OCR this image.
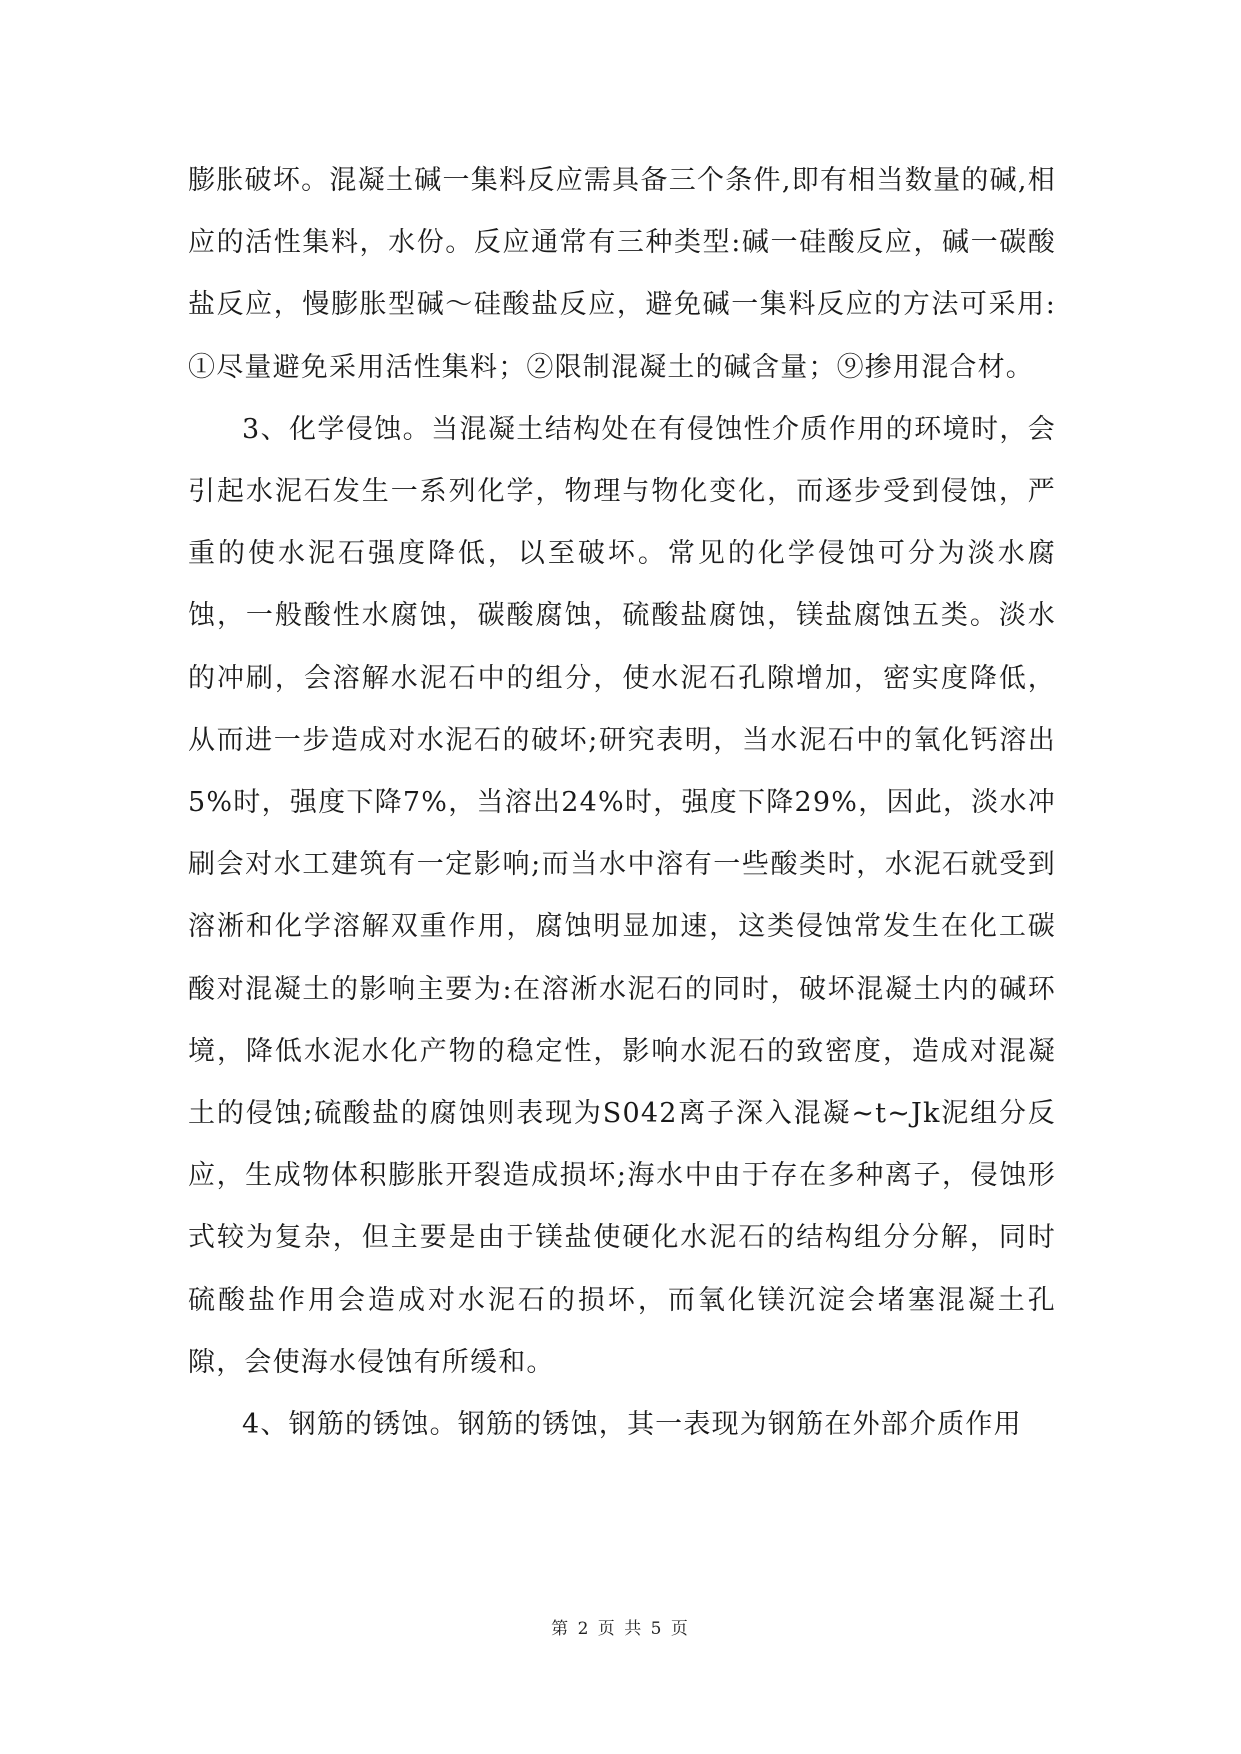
膨胀破坏。混凝土碱一集料反应需具备三个条件,即有相当数量的碱,相应的活性集料，水份。反应通常有三种类型:碱一硅酸反应，碱一碳酸盐反应，慢膨胀型碱～硅酸盐反应，避免碱一集料反应的方法可采用:①尽量避免采用活性集料；②限制混凝土的碱含量；⑨掺用混合材。

3、化学侵蚀。当混凝土结构处在有侵蚀性介质作用的环境时，会引起水泥石发生一系列化学，物理与物化变化，而逐步受到侵蚀，严重的使水泥石强度降低，以至破坏。常见的化学侵蚀可分为淡水腐蚀，一般酸性水腐蚀，碳酸腐蚀，硫酸盐腐蚀，镁盐腐蚀五类。淡水的冲刷，会溶解水泥石中的组分，使水泥石孔隙增加，密实度降低，从而进一步造成对水泥石的破坏;研究表明，当水泥石中的氧化钙溶出5%时，强度下降7%，当溶出24%时，强度下降29%，因此，淡水冲刷会对水工建筑有一定影响;而当水中溶有一些酸类时，水泥石就受到溶淅和化学溶解双重作用，腐蚀明显加速，这类侵蚀常发生在化工碳酸对混凝土的影响主要为:在溶淅水泥石的同时，破坏混凝土内的碱环境，降低水泥水化产物的稳定性，影响水泥石的致密度，造成对混凝土的侵蚀;硫酸盐的腐蚀则表现为S042离子深入混凝~t~Jk泥组分反应，生成物体积膨胀开裂造成损坏;海水中由于存在多种离子，侵蚀形式较为复杂，但主要是由于镁盐使硬化水泥石的结构组分分解，同时硫酸盐作用会造成对水泥石的损坏，而氧化镁沉淀会堵塞混凝土孔隙，会使海水侵蚀有所缓和。

4、钢筋的锈蚀。钢筋的锈蚀，其一表现为钢筋在外部介质作用

第 2 页 共 5 页
